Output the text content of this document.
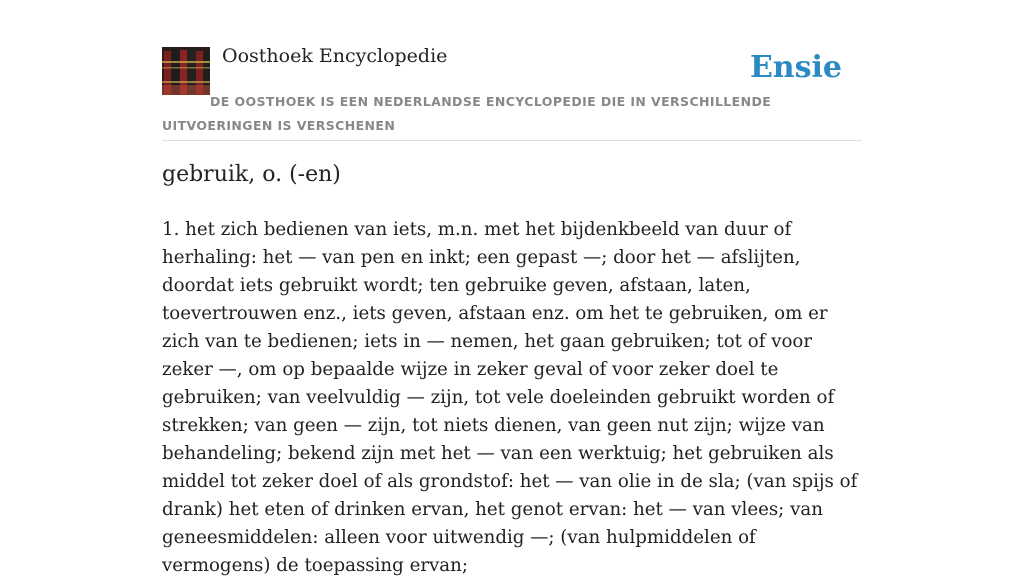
Oosthoek Encyclopedie	Ensie
DE OOSTHOEK IS EEN NEDERLANDSE ENCYCLOPEDIE DIE IN VERSCHILLENDE UITVOERINGEN IS VERSCHENEN
gebruik, o. (-en)

1. het zich bedienen van iets, m.n. met het bijdenkbeeld van duur of herhaling: het — van pen en inkt; een gepast —; door het — afslijten, doordat iets gebruikt wordt; ten gebruike geven, afstaan, laten, toevertrouwen enz., iets geven, afstaan enz. om het te gebruiken, om er zich van te bedienen; iets in — nemen, het gaan gebruiken; tot of voor zeker —, om op bepaalde wijze in zeker geval of voor zeker doel te gebruiken; van veelvuldig — zijn, tot vele doeleinden gebruikt worden of strekken; van geen — zijn, tot niets dienen, van geen nut zijn; wijze van behandeling; bekend zijn met het — van een werktuig; het gebruiken als middel tot zeker doel of als grondstof: het — van olie in de sla; (van spijs of drank) het eten of drinken ervan, het genot ervan: het — van vlees; van geneesmiddelen: alleen voor uitwendig —; (van hulpmiddelen of vermogens) de toepassing ervan;
